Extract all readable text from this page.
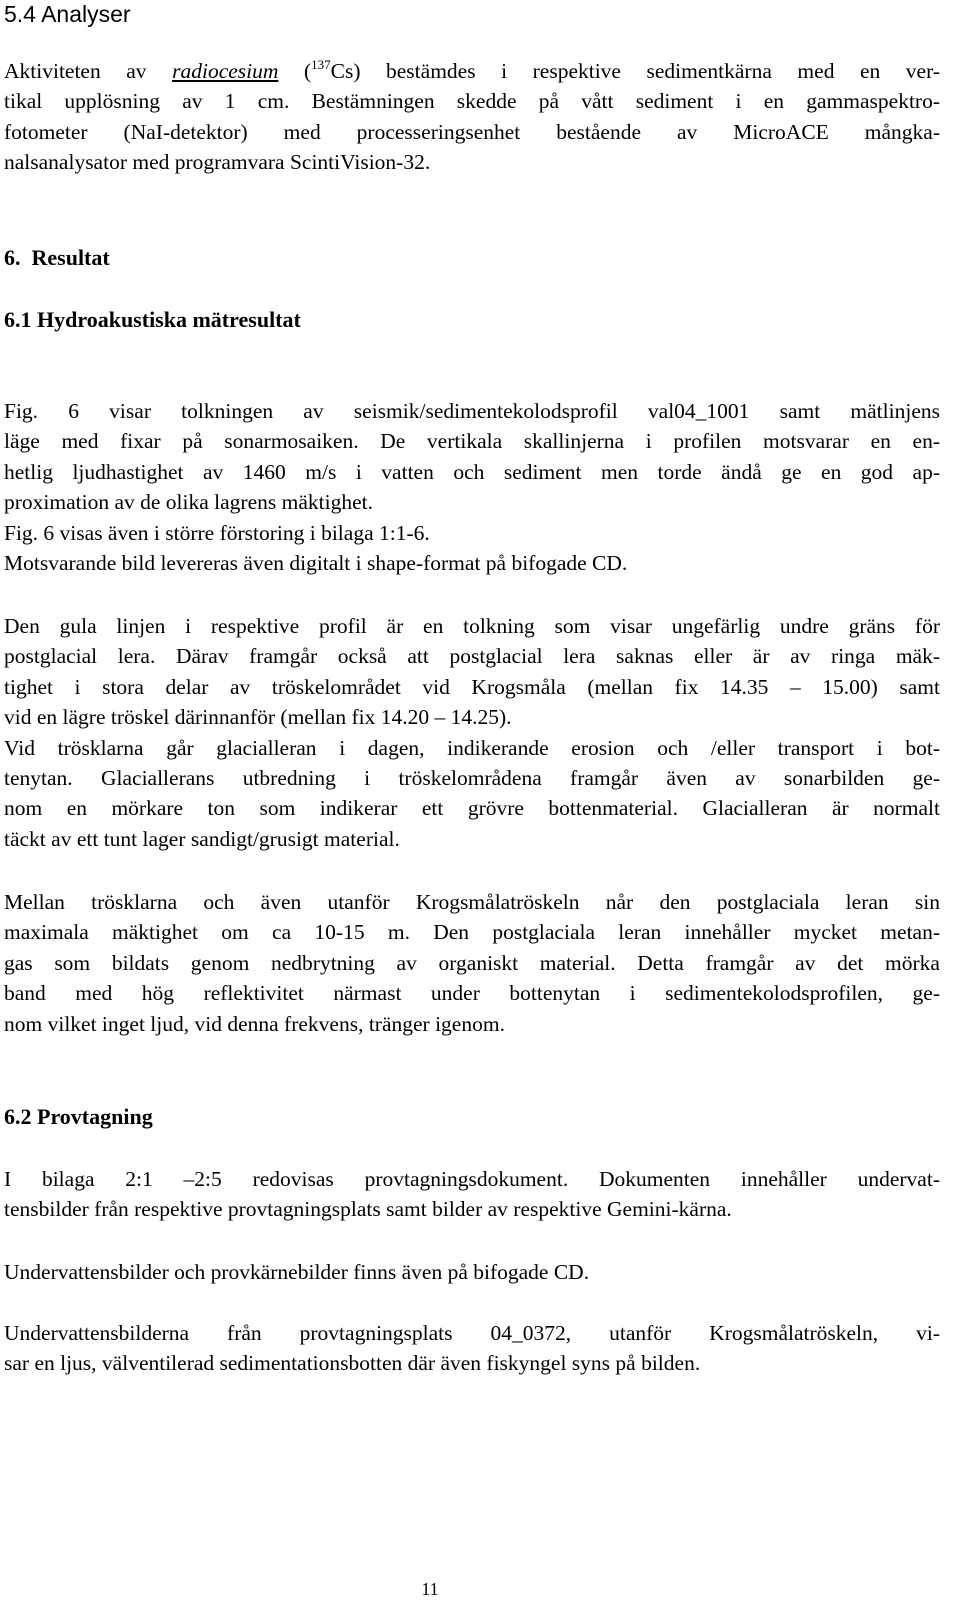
5.4 Analyser

Aktiviteten av radiocesium ($^{137}$Cs) bestämdes i respektive sedimentkärna med en ver-
tikal upplösning av 1 cm. Bestämningen skedde på vått sediment i en gammaspektro-
fotometer (NaI-detektor) med processeringsenhet bestående av MicroACE mångka-
nalsanalysator med programvara ScintiVision-32.

6.  Resultat
6.1 Hydroakustiska mätresultat

Fig. 6 visar tolkningen av seismik/sedimentekolodsprofil val04_1001 samt mätlinjens
läge med fixar på sonarmosaiken. De vertikala skallinjerna i profilen motsvarar en en-
hetlig ljudhastighet av 1460 m/s i vatten och sediment men torde ändå ge en god ap-
proximation av de olika lagrens mäktighet.
Fig. 6 visas även i större förstoring i bilaga 1:1-6.
Motsvarande bild levereras även digitalt i shape-format på bifogade CD.

Den gula linjen i respektive profil är en tolkning som visar ungefärlig undre gräns för
postglacial lera. Därav framgår också att postglacial lera saknas eller är av ringa mäk-
tighet i stora delar av tröskelområdet vid Krogsmåla (mellan fix 14.35 – 15.00) samt
vid en lägre tröskel därinnanför (mellan fix 14.20 – 14.25).
Vid trösklarna går glacialleran i dagen, indikerande erosion och /eller transport i bot-
tenytan. Glaciallerans utbredning i tröskelområdena framgår även av sonarbilden ge-
nom en mörkare ton som indikerar ett grövre bottenmaterial. Glacialleran är normalt
täckt av ett tunt lager sandigt/grusigt material.

Mellan trösklarna och även utanför Krogsmålatröskeln når den postglaciala leran sin
maximala mäktighet om ca 10-15 m. Den postglaciala leran innehåller mycket metan-
gas som bildats genom nedbrytning av organiskt material. Detta framgår av det mörka
band med hög reflektivitet närmast under bottenytan i sedimentekolodsprofilen, ge-
nom vilket inget ljud, vid denna frekvens, tränger igenom.

6.2 Provtagning

I bilaga 2:1 –2:5 redovisas provtagningsdokument. Dokumenten innehåller undervat-
tensbilder från respektive provtagningsplats samt bilder av respektive Gemini-kärna.

Undervattensbilder och provkärnebilder finns även på bifogade CD.

Undervattensbilderna från provtagningsplats 04_0372, utanför Krogsmålatröskeln, vi-
sar en ljus, välventilerad sedimentationsbotten där även fiskyngel syns på bilden.

11
